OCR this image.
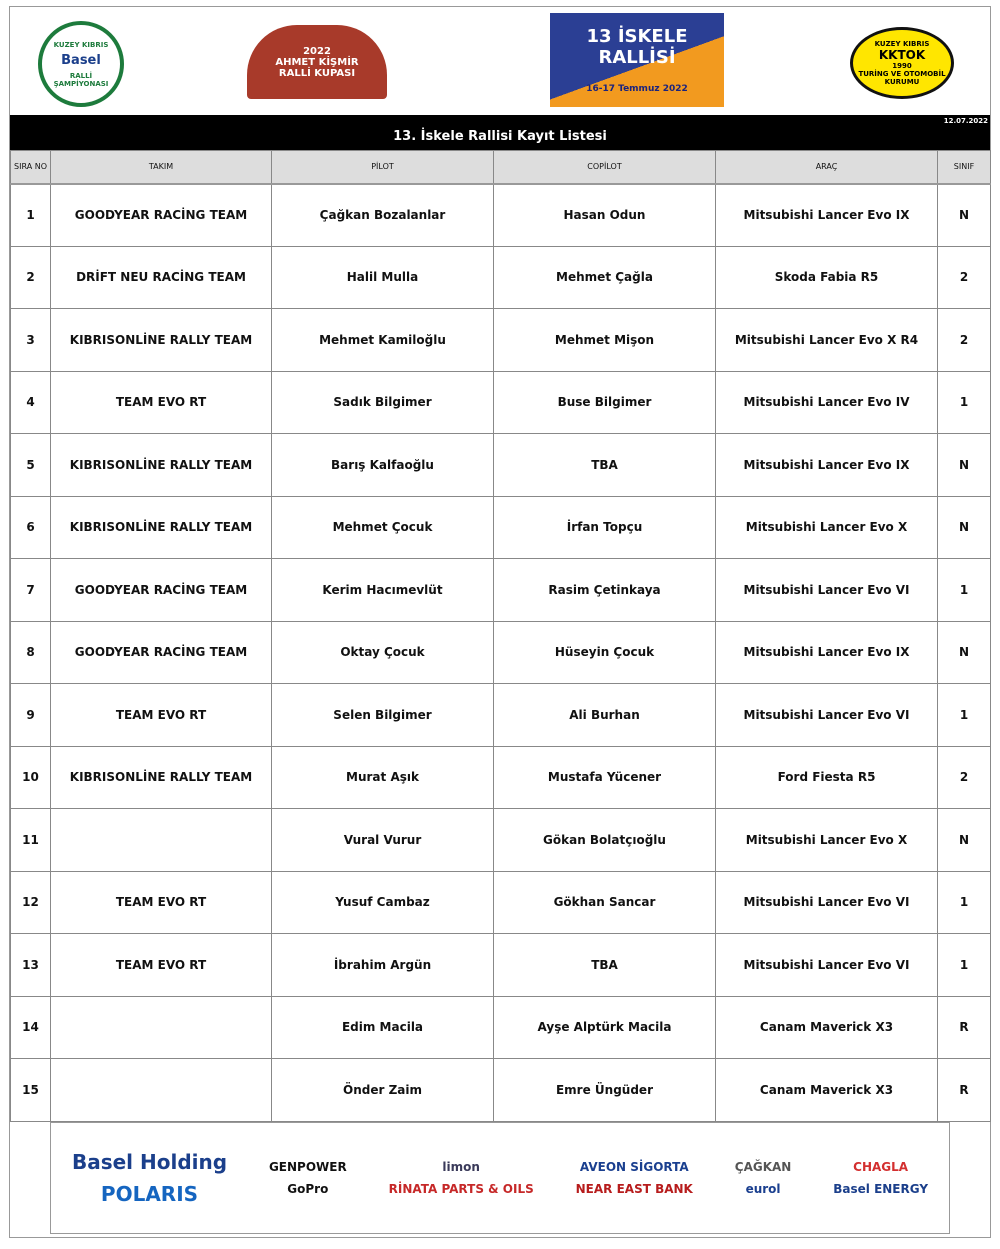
KUZEY KIBRIS
Basel
RALLİ ŞAMPİYONASI
2022
AHMET KİŞMİR
RALLİ KUPASI
13 İSKELE RALLİSİ
16-17 Temmuz 2022
KUZEY KIBRIS
KKTOK
1990
TURİNG VE OTOMOBİL KURUMU
12.07.2022
13. İskele Rallisi Kayıt Listesi
SIRA NO	TAKIM	PİLOT	COPİLOT	ARAÇ	SINIF
1	GOODYEAR RACİNG TEAM	Çağkan Bozalanlar	Hasan Odun	Mitsubishi Lancer Evo IX	N
2	DRİFT NEU RACİNG TEAM	Halil Mulla	Mehmet Çağla	Skoda Fabia R5	2
3	KIBRISONLİNE RALLY TEAM	Mehmet Kamiloğlu	Mehmet Mişon	Mitsubishi Lancer Evo X R4	2
4	TEAM EVO RT	Sadık Bilgimer	Buse Bilgimer	Mitsubishi Lancer Evo IV	1
5	KIBRISONLİNE RALLY TEAM	Barış Kalfaoğlu	TBA	Mitsubishi Lancer Evo IX	N
6	KIBRISONLİNE RALLY TEAM	Mehmet Çocuk	İrfan Topçu	Mitsubishi Lancer Evo X	N
7	GOODYEAR RACİNG TEAM	Kerim Hacımevlüt	Rasim Çetinkaya	Mitsubishi Lancer Evo VI	1
8	GOODYEAR RACİNG TEAM	Oktay Çocuk	Hüseyin Çocuk	Mitsubishi Lancer Evo IX	N
9	TEAM EVO RT	Selen Bilgimer	Ali Burhan	Mitsubishi Lancer Evo VI	1
10	KIBRISONLİNE RALLY TEAM	Murat Aşık	Mustafa Yücener	Ford Fiesta R5	2
11		Vural Vurur	Gökan Bolatçıoğlu	Mitsubishi Lancer Evo X	N
12	TEAM EVO RT	Yusuf Cambaz	Gökhan Sancar	Mitsubishi Lancer Evo VI	1
13	TEAM EVO RT	İbrahim Argün	TBA	Mitsubishi Lancer Evo VI	1
14		Edim Macila	Ayşe Alptürk Macila	Canam Maverick X3	R
15		Önder Zaim	Emre Üngüder	Canam Maverick X3	R
Basel Holding
POLARIS
GENPOWER
GoPro
limon
RİNATA PARTS & OILS
AVEON SİGORTA
NEAR EAST BANK
ÇAĞKAN
eurol
CHAGLA
Basel ENERGY
